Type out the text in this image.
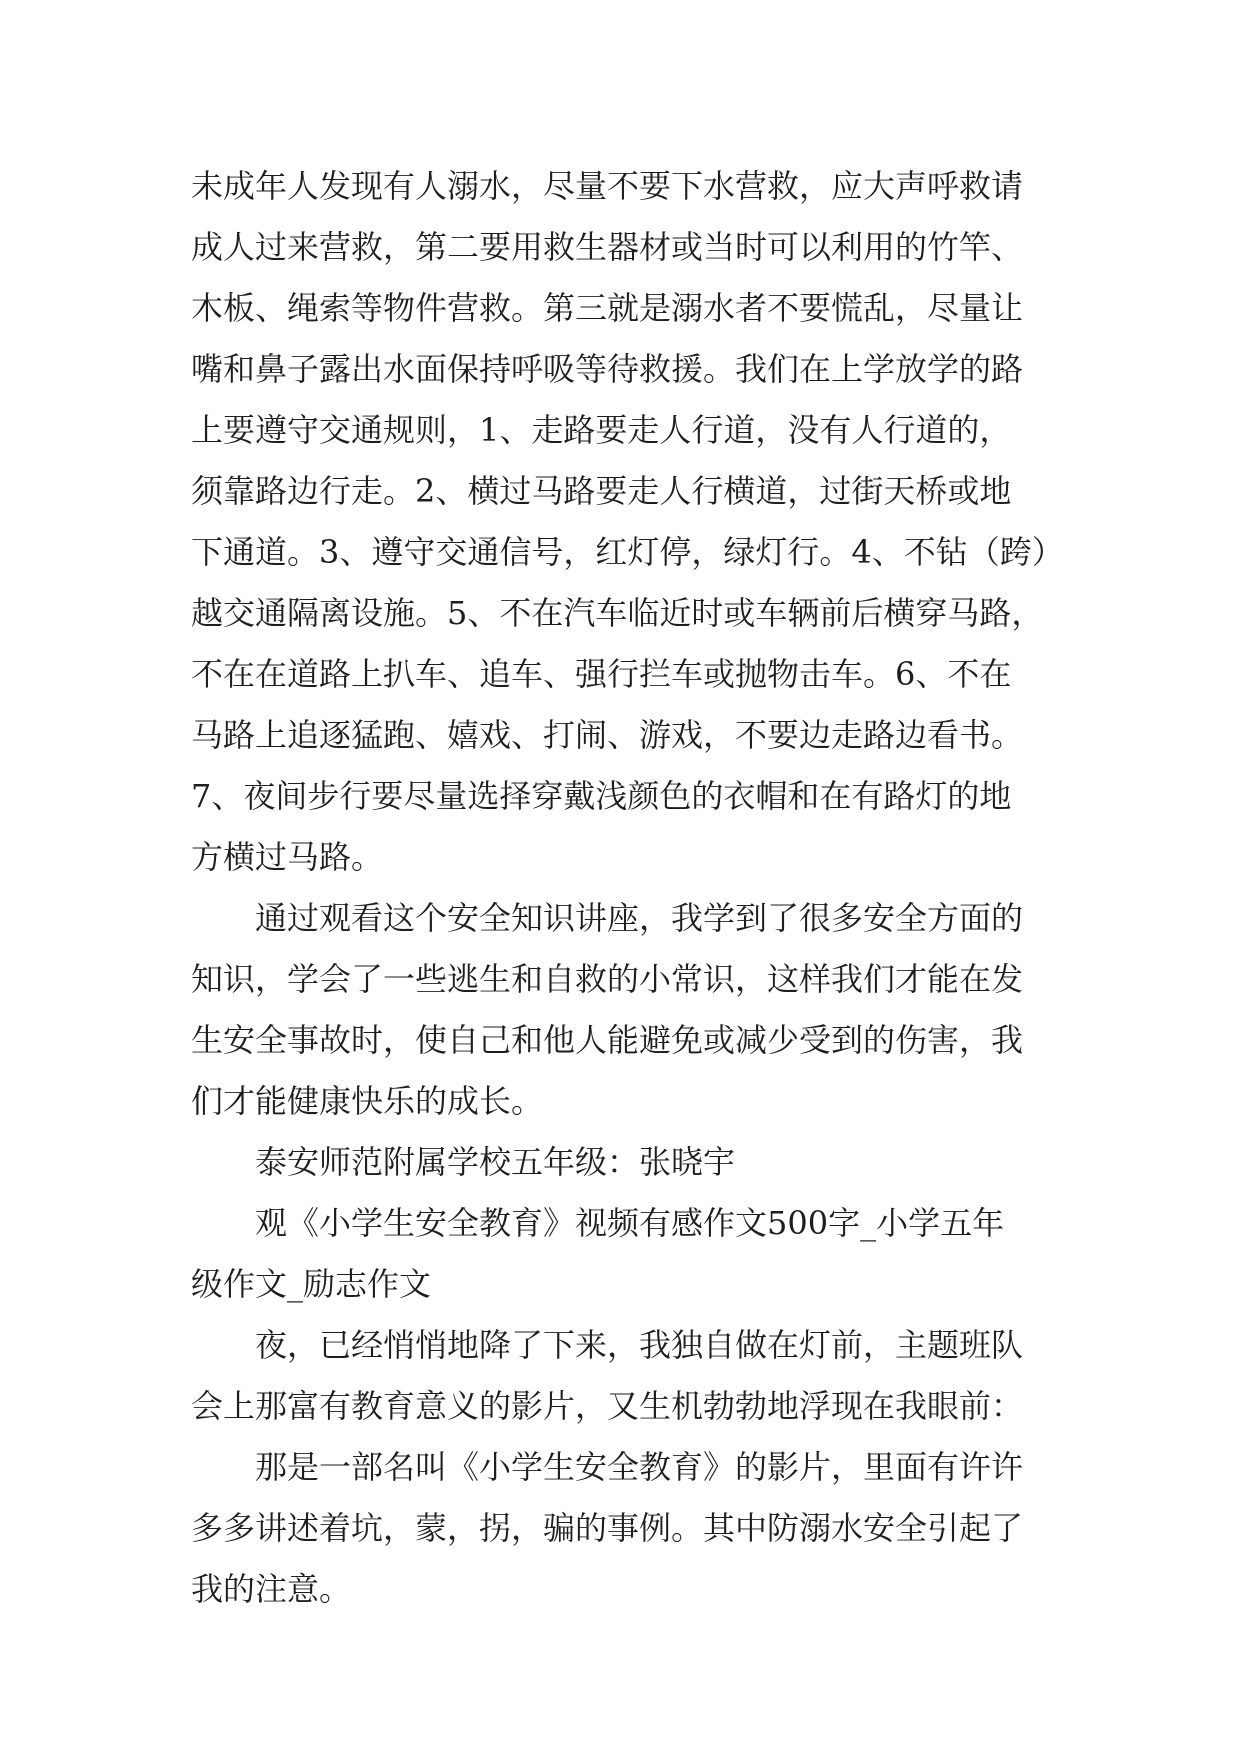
未成年人发现有人溺水，尽量不要下水营救，应大声呼救请
成人过来营救，第二要用救生器材或当时可以利用的竹竿、
木板、绳索等物件营救。第三就是溺水者不要慌乱，尽量让
嘴和鼻子露出水面保持呼吸等待救援。我们在上学放学的路
上要遵守交通规则，1、走路要走人行道，没有人行道的，
须靠路边行走。2、横过马路要走人行横道，过街天桥或地
下通道。3、遵守交通信号，红灯停，绿灯行。4、不钻（跨）
越交通隔离设施。5、不在汽车临近时或车辆前后横穿马路，
不在在道路上扒车、追车、强行拦车或抛物击车。6、不在
马路上追逐猛跑、嬉戏、打闹、游戏，不要边走路边看书。
7、夜间步行要尽量选择穿戴浅颜色的衣帽和在有路灯的地
方横过马路。
通过观看这个安全知识讲座，我学到了很多安全方面的
知识，学会了一些逃生和自救的小常识，这样我们才能在发
生安全事故时，使自己和他人能避免或减少受到的伤害，我
们才能健康快乐的成长。
泰安师范附属学校五年级：张晓宇
观《小学生安全教育》视频有感作文500字_小学五年
级作文_励志作文
夜，已经悄悄地降了下来，我独自做在灯前，主题班队
会上那富有教育意义的影片，又生机勃勃地浮现在我眼前：
那是一部名叫《小学生安全教育》的影片，里面有许许
多多讲述着坑，蒙，拐，骗的事例。其中防溺水安全引起了
我的注意。
